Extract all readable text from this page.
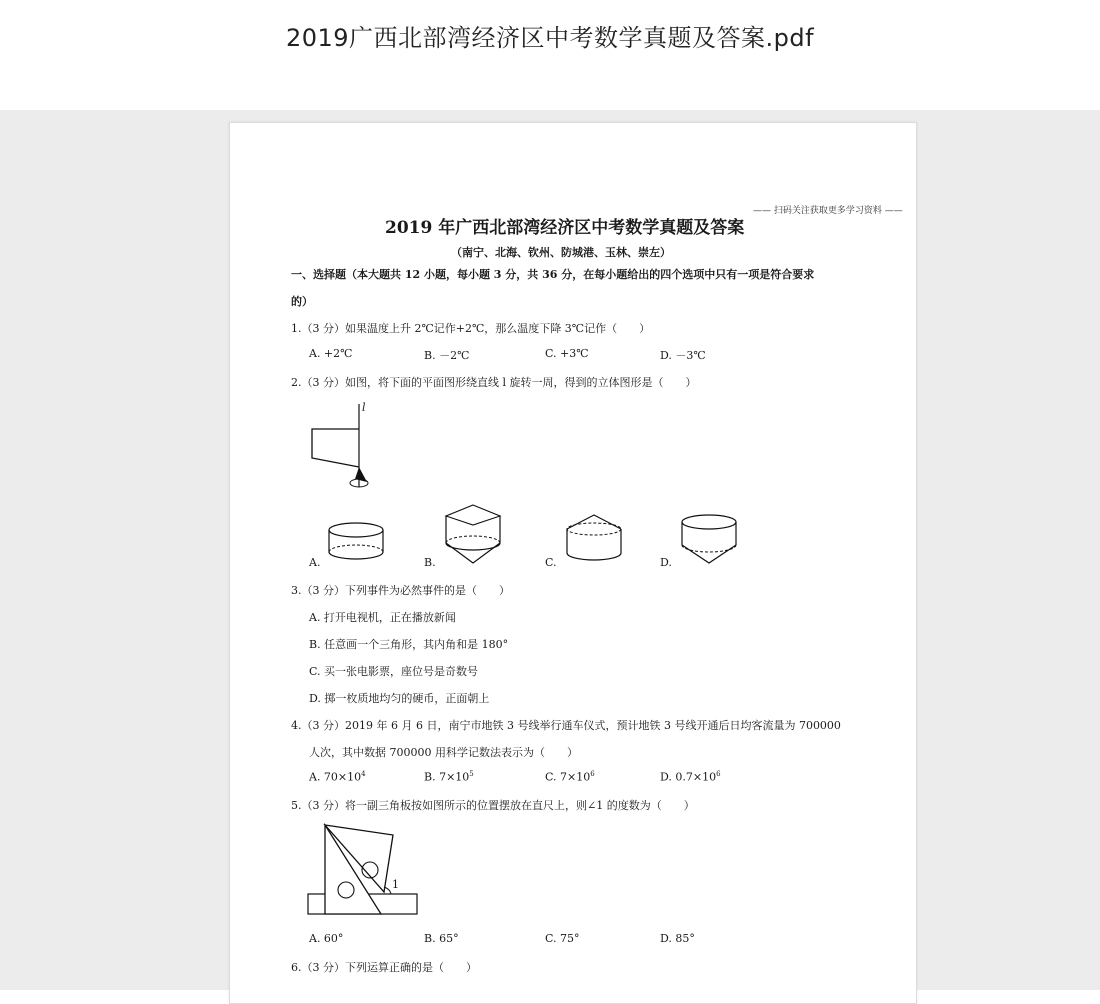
2019广西北部湾经济区中考数学真题及答案.pdf
—— 扫码关注获取更多学习资料 ——
2019 年广西北部湾经济区中考数学真题及答案
（南宁、北海、钦州、防城港、玉林、崇左）
一、选择题（本大题共 12 小题，每小题 3 分，共 36 分，在每小题给出的四个选项中只有一项是符合要求
的）
1.（3 分）如果温度上升 2℃记作+2℃，那么温度下降 3℃记作（　　）
A. +2℃	B. －2℃	C. +3℃	D. －3℃
2.（3 分）如图，将下面的平面图形绕直线 l 旋转一周，得到的立体图形是（　　）
l
A.	B.	C.	D.
3.（3 分）下列事件为必然事件的是（　　）
A. 打开电视机，正在播放新闻
B. 任意画一个三角形，其内角和是 180°
C. 买一张电影票，座位号是奇数号
D. 掷一枚质地均匀的硬币，正面朝上
4.（3 分）2019 年 6 月 6 日，南宁市地铁 3 号线举行通车仪式，预计地铁 3 号线开通后日均客流量为 700000
人次，其中数据 700000 用科学记数法表示为（　　）
A. $70\times 10^4$	B. $7\times 10^5$	C. $7\times 10^6$	D. $0.7\times 10^6$
5.（3 分）将一副三角板按如图所示的位置摆放在直尺上，则∠1 的度数为（　　）
1
A. 60°	B. 65°	C. 75°	D. 85°
6.（3 分）下列运算正确的是（　　）
